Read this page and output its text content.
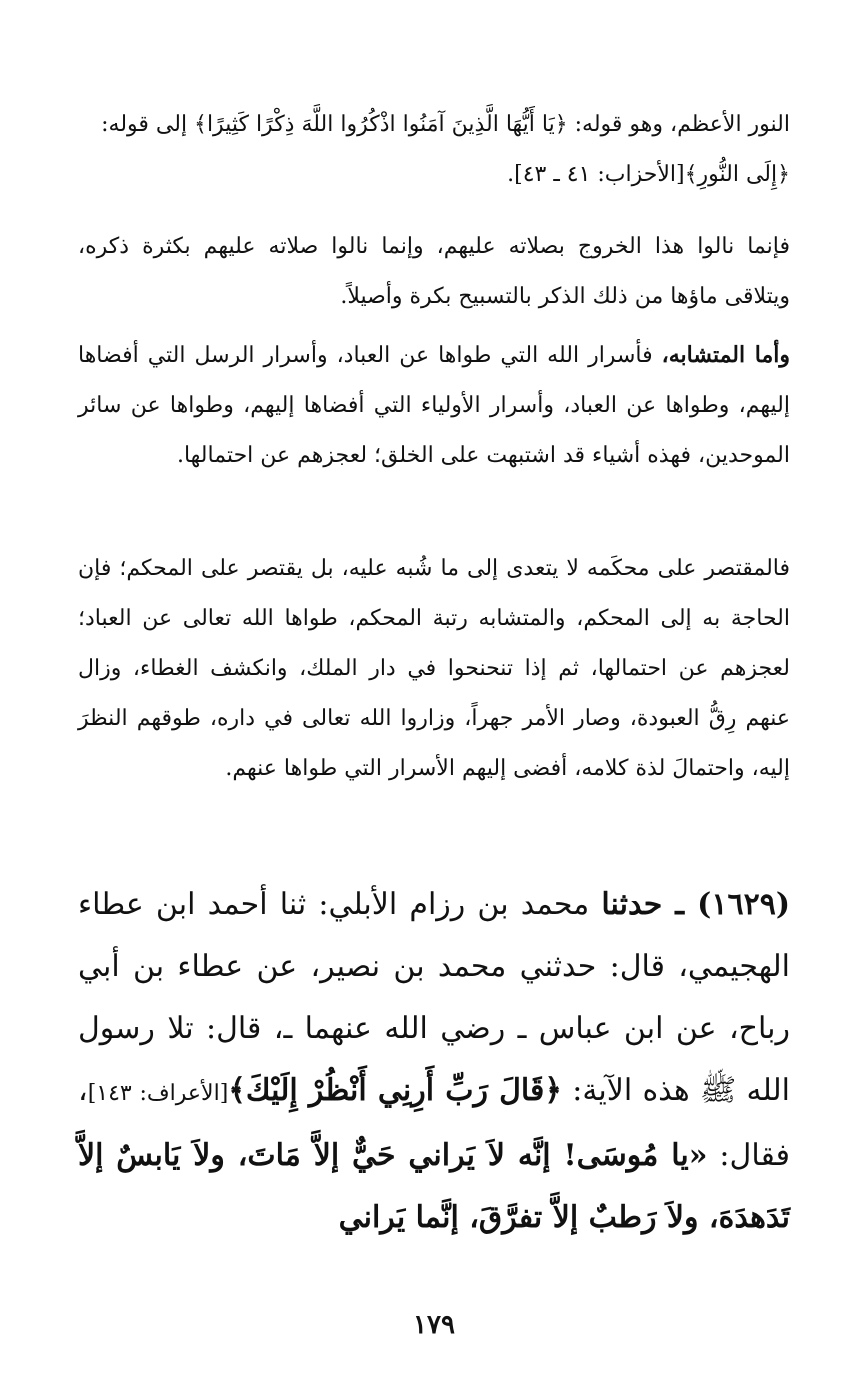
النور الأعظم، وهو قوله: ﴿يَا أَيُّهَا الَّذِينَ آمَنُوا اذْكُرُوا اللَّهَ ذِكْرًا كَثِيرًا﴾ إلى قوله:

﴿إِلَى النُّورِ﴾[الأحزاب: ٤١ ـ ٤٣].

فإنما نالوا هذا الخروج بصلاته عليهم، وإنما نالوا صلاته عليهم بكثرة ذكره، ويتلاقى ماؤها من ذلك الذكر بالتسبيح بكرة وأصيلاً.

وأما المتشابه، فأسرار الله التي طواها عن العباد، وأسرار الرسل التي أفضاها إليهم، وطواها عن العباد، وأسرار الأولياء التي أفضاها إليهم، وطواها عن سائر الموحدين، فهذه أشياء قد اشتبهت على الخلق؛ لعجزهم عن احتمالها.

فالمقتصر على محكَمه لا يتعدى إلى ما شُبه عليه، بل يقتصر على المحكم؛ فإن الحاجة به إلى المحكم، والمتشابه رتبة المحكم، طواها الله تعالى عن العباد؛ لعجزهم عن احتمالها، ثم إذا تنحنحوا في دار الملك، وانكشف الغطاء، وزال عنهم رِقُّ العبودة، وصار الأمر جهراً، وزاروا الله تعالى في داره، طوقهم النظرَ إليه، واحتمالَ لذة كلامه، أفضى إليهم الأسرار التي طواها عنهم.

(١٦٢٩) ـ حدثنا محمد بن رزام الأبلي: ثنا أحمد ابن عطاء الهجيمي، قال: حدثني محمد بن نصير، عن عطاء بن أبي رباح، عن ابن عباس ـ رضي الله عنهما ـ، قال: تلا رسول الله ﷺ هذه الآية: ﴿قَالَ رَبِّ أَرِنِي أَنْظُرْ إِلَيْكَ﴾[الأعراف: ١٤٣]، فقال: «يا مُوسَى! إنَّه لاَ يَراني حَيٌّ إلاَّ مَاتَ، ولاَ يَابسٌ إلاَّ تَدَهدَهَ، ولاَ رَطبٌ إلاَّ تفرَّقَ، إنَّما يَراني

١٧٩
